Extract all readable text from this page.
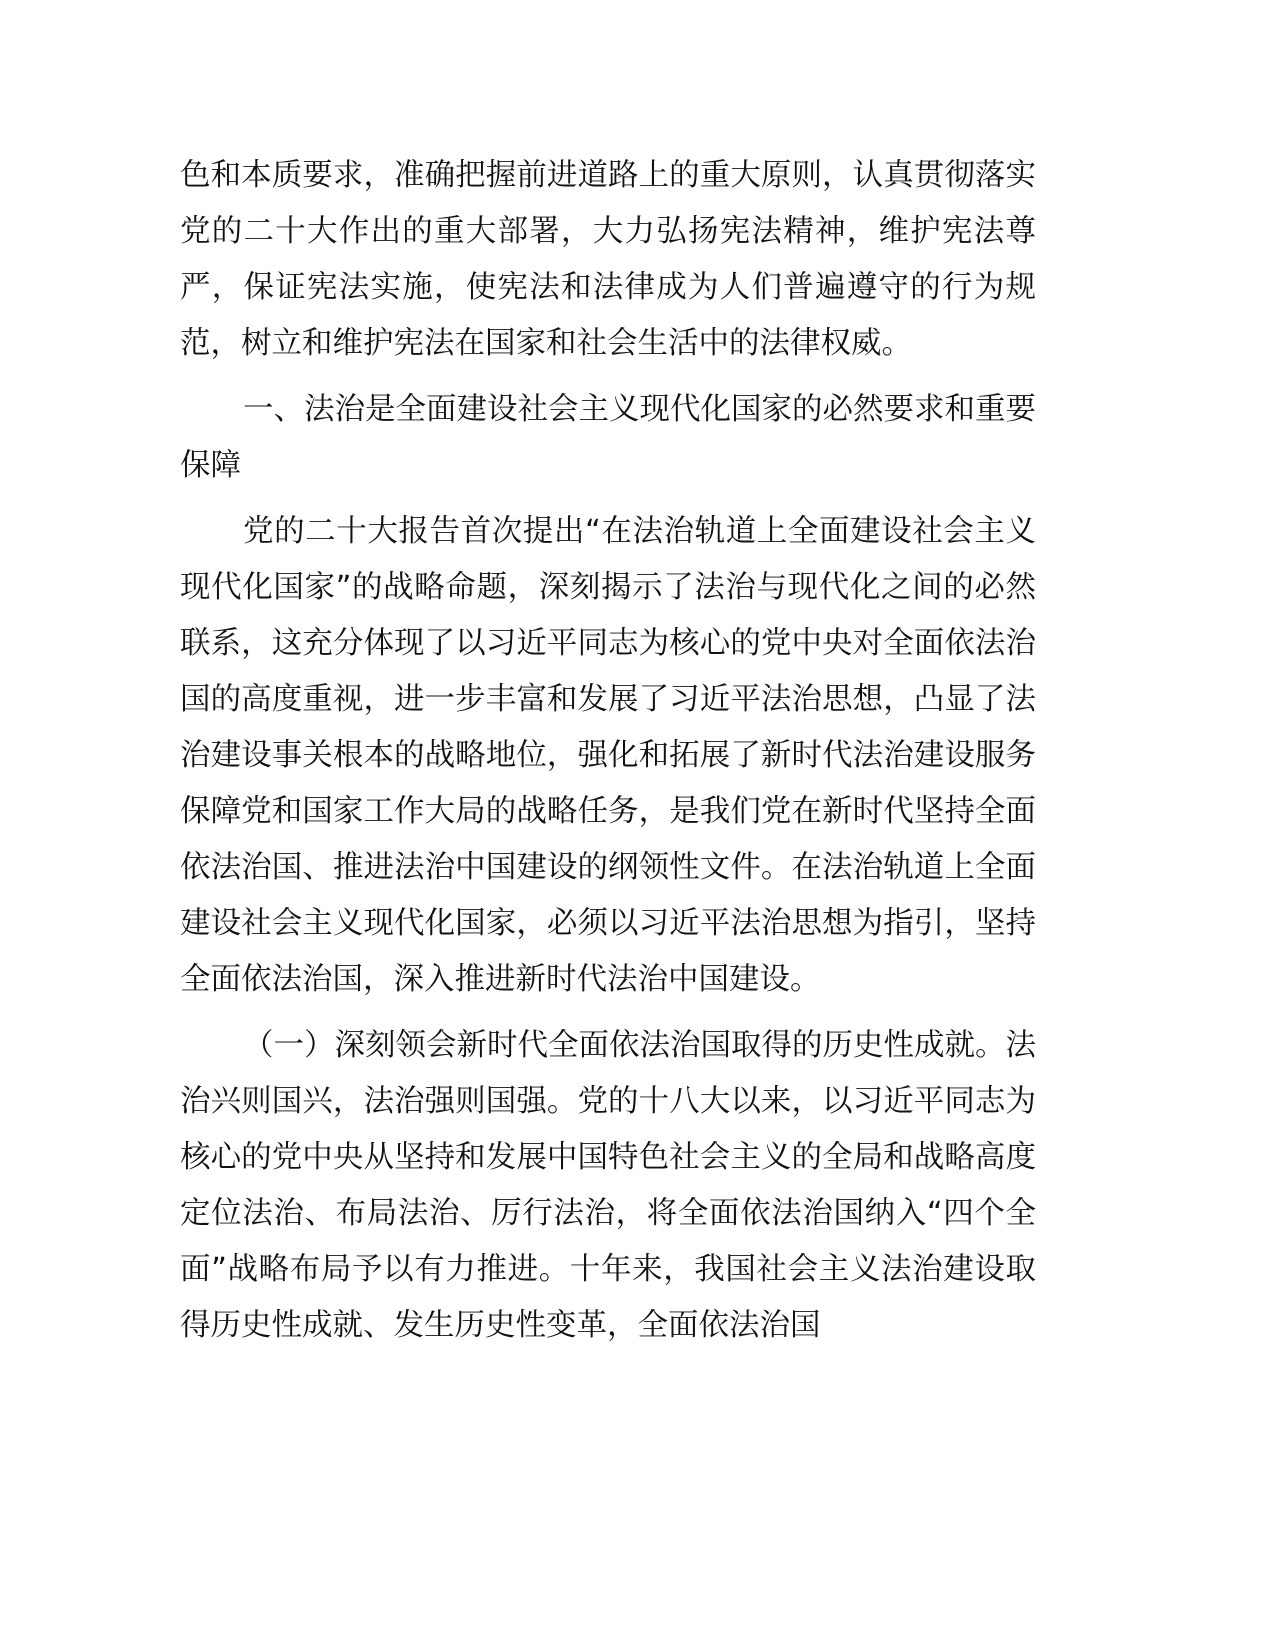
色和本质要求，准确把握前进道路上的重大原则，认真贯彻落实党的二十大作出的重大部署，大力弘扬宪法精神，维护宪法尊严，保证宪法实施，使宪法和法律成为人们普遍遵守的行为规范，树立和维护宪法在国家和社会生活中的法律权威。

一、法治是全面建设社会主义现代化国家的必然要求和重要保障

党的二十大报告首次提出“在法治轨道上全面建设社会主义现代化国家”的战略命题，深刻揭示了法治与现代化之间的必然联系，这充分体现了以习近平同志为核心的党中央对全面依法治国的高度重视，进一步丰富和发展了习近平法治思想，凸显了法治建设事关根本的战略地位，强化和拓展了新时代法治建设服务保障党和国家工作大局的战略任务，是我们党在新时代坚持全面依法治国、推进法治中国建设的纲领性文件。在法治轨道上全面建设社会主义现代化国家，必须以习近平法治思想为指引，坚持全面依法治国，深入推进新时代法治中国建设。

（一）深刻领会新时代全面依法治国取得的历史性成就。法治兴则国兴，法治强则国强。党的十八大以来，以习近平同志为核心的党中央从坚持和发展中国特色社会主义的全局和战略高度定位法治、布局法治、厉行法治，将全面依法治国纳入“四个全面”战略布局予以有力推进。十年来，我国社会主义法治建设取得历史性成就、发生历史性变革，全面依法治国
